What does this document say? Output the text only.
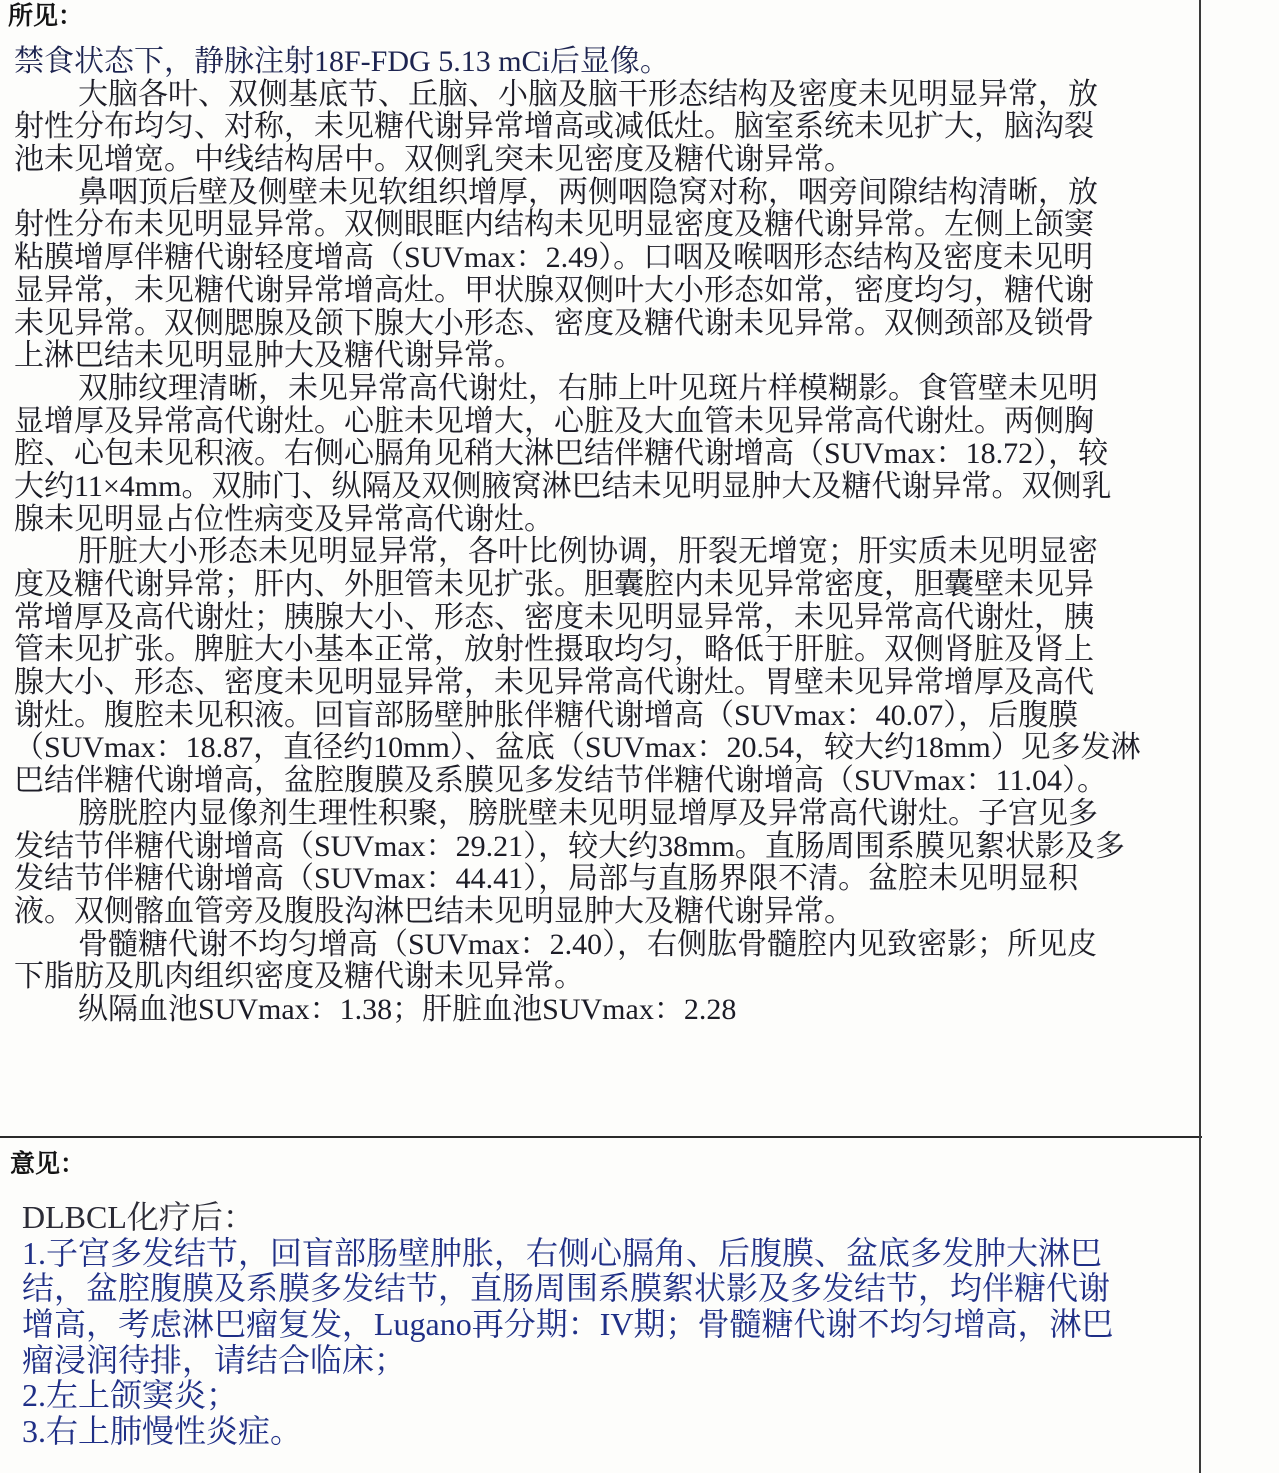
所见：
禁食状态下，静脉注射18F-FDG 5.13 mCi后显像。
大脑各叶、双侧基底节、丘脑、小脑及脑干形态结构及密度未见明显异常，放
射性分布均匀、对称，未见糖代谢异常增高或减低灶。脑室系统未见扩大，脑沟裂
池未见增宽。中线结构居中。双侧乳突未见密度及糖代谢异常。
鼻咽顶后壁及侧壁未见软组织增厚，两侧咽隐窝对称，咽旁间隙结构清晰，放
射性分布未见明显异常。双侧眼眶内结构未见明显密度及糖代谢异常。左侧上颌窦
粘膜增厚伴糖代谢轻度增高（SUVmax：2.49）。口咽及喉咽形态结构及密度未见明
显异常，未见糖代谢异常增高灶。甲状腺双侧叶大小形态如常，密度均匀，糖代谢
未见异常。双侧腮腺及颌下腺大小形态、密度及糖代谢未见异常。双侧颈部及锁骨
上淋巴结未见明显肿大及糖代谢异常。
双肺纹理清晰，未见异常高代谢灶，右肺上叶见斑片样模糊影。食管壁未见明
显增厚及异常高代谢灶。心脏未见增大，心脏及大血管未见异常高代谢灶。两侧胸
腔、心包未见积液。右侧心膈角见稍大淋巴结伴糖代谢增高（SUVmax：18.72），较
大约11×4mm。双肺门、纵隔及双侧腋窝淋巴结未见明显肿大及糖代谢异常。双侧乳
腺未见明显占位性病变及异常高代谢灶。
肝脏大小形态未见明显异常，各叶比例协调，肝裂无增宽；肝实质未见明显密
度及糖代谢异常；肝内、外胆管未见扩张。胆囊腔内未见异常密度，胆囊壁未见异
常增厚及高代谢灶；胰腺大小、形态、密度未见明显异常，未见异常高代谢灶，胰
管未见扩张。脾脏大小基本正常，放射性摄取均匀，略低于肝脏。双侧肾脏及肾上
腺大小、形态、密度未见明显异常，未见异常高代谢灶。胃壁未见异常增厚及高代
谢灶。腹腔未见积液。回盲部肠壁肿胀伴糖代谢增高（SUVmax：40.07），后腹膜
（SUVmax：18.87，直径约10mm）、盆底（SUVmax：20.54，较大约18mm）见多发淋
巴结伴糖代谢增高，盆腔腹膜及系膜见多发结节伴糖代谢增高（SUVmax：11.04）。
膀胱腔内显像剂生理性积聚，膀胱壁未见明显增厚及异常高代谢灶。子宫见多
发结节伴糖代谢增高（SUVmax：29.21），较大约38mm。直肠周围系膜见絮状影及多
发结节伴糖代谢增高（SUVmax：44.41），局部与直肠界限不清。盆腔未见明显积
液。双侧髂血管旁及腹股沟淋巴结未见明显肿大及糖代谢异常。
骨髓糖代谢不均匀增高（SUVmax：2.40），右侧肱骨髓腔内见致密影；所见皮
下脂肪及肌肉组织密度及糖代谢未见异常。
纵隔血池SUVmax：1.38；肝脏血池SUVmax：2.28
意见：
DLBCL化疗后：
1.子宫多发结节，回盲部肠壁肿胀，右侧心膈角、后腹膜、盆底多发肿大淋巴
结，盆腔腹膜及系膜多发结节，直肠周围系膜絮状影及多发结节，均伴糖代谢
增高，考虑淋巴瘤复发，Lugano再分期：IV期；骨髓糖代谢不均匀增高，淋巴
瘤浸润待排，请结合临床；
2.左上颌窦炎；
3.右上肺慢性炎症。
